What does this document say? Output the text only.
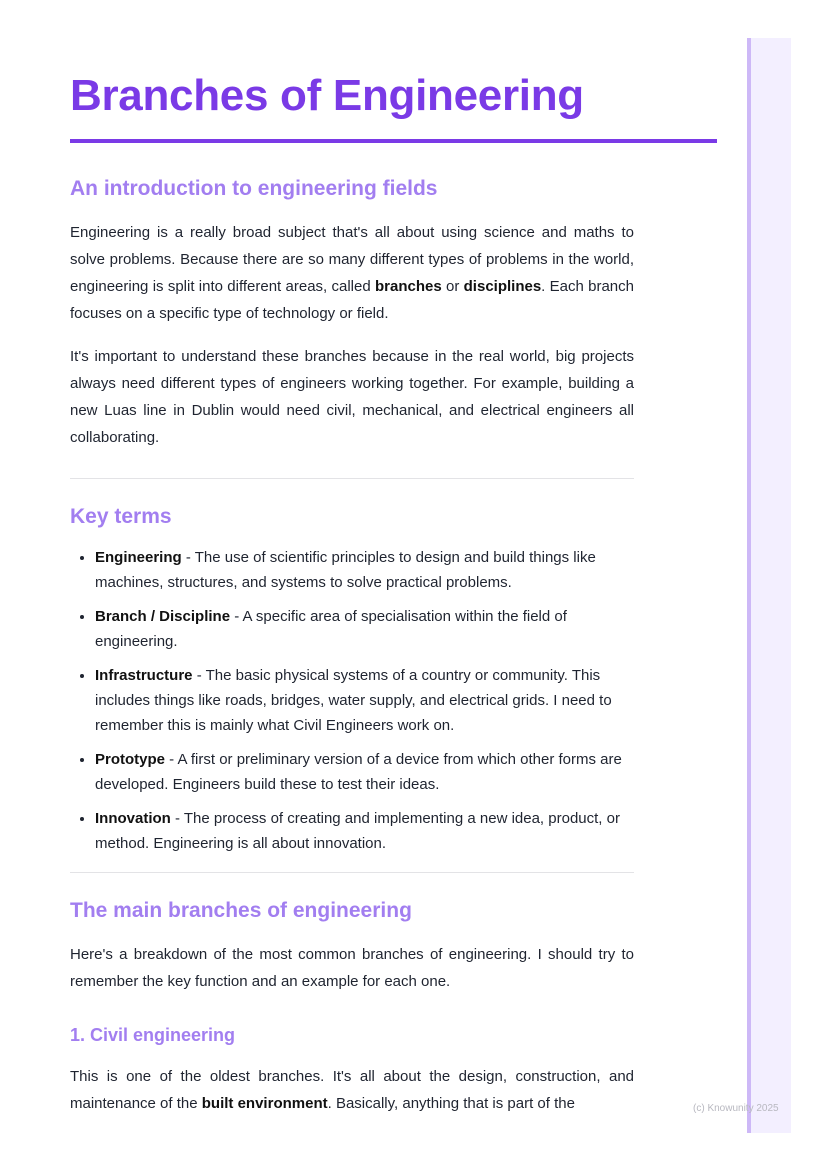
(c) Knowunity 2025
Branches of Engineering
An introduction to engineering fields

Engineering is a really broad subject that's all about using science and maths to solve problems. Because there are so many different types of problems in the world, engineering is split into different areas, called branches or disciplines. Each branch focuses on a specific type of technology or field.

It's important to understand these branches because in the real world, big projects always need different types of engineers working together. For example, building a new Luas line in Dublin would need civil, mechanical, and electrical engineers all collaborating.

Key terms
• Engineering - The use of scientific principles to design and build things like machines, structures, and systems to solve practical problems.
• Branch / Discipline - A specific area of specialisation within the field of engineering.
• Infrastructure - The basic physical systems of a country or community. This includes things like roads, bridges, water supply, and electrical grids. I need to remember this is mainly what Civil Engineers work on.
• Prototype - A first or preliminary version of a device from which other forms are developed. Engineers build these to test their ideas.
• Innovation - The process of creating and implementing a new idea, product, or method. Engineering is all about innovation.
The main branches of engineering

Here's a breakdown of the most common branches of engineering. I should try to remember the key function and an example for each one.

1. Civil engineering

This is one of the oldest branches. It's all about the design, construction, and maintenance of the built environment. Basically, anything that is part of the
